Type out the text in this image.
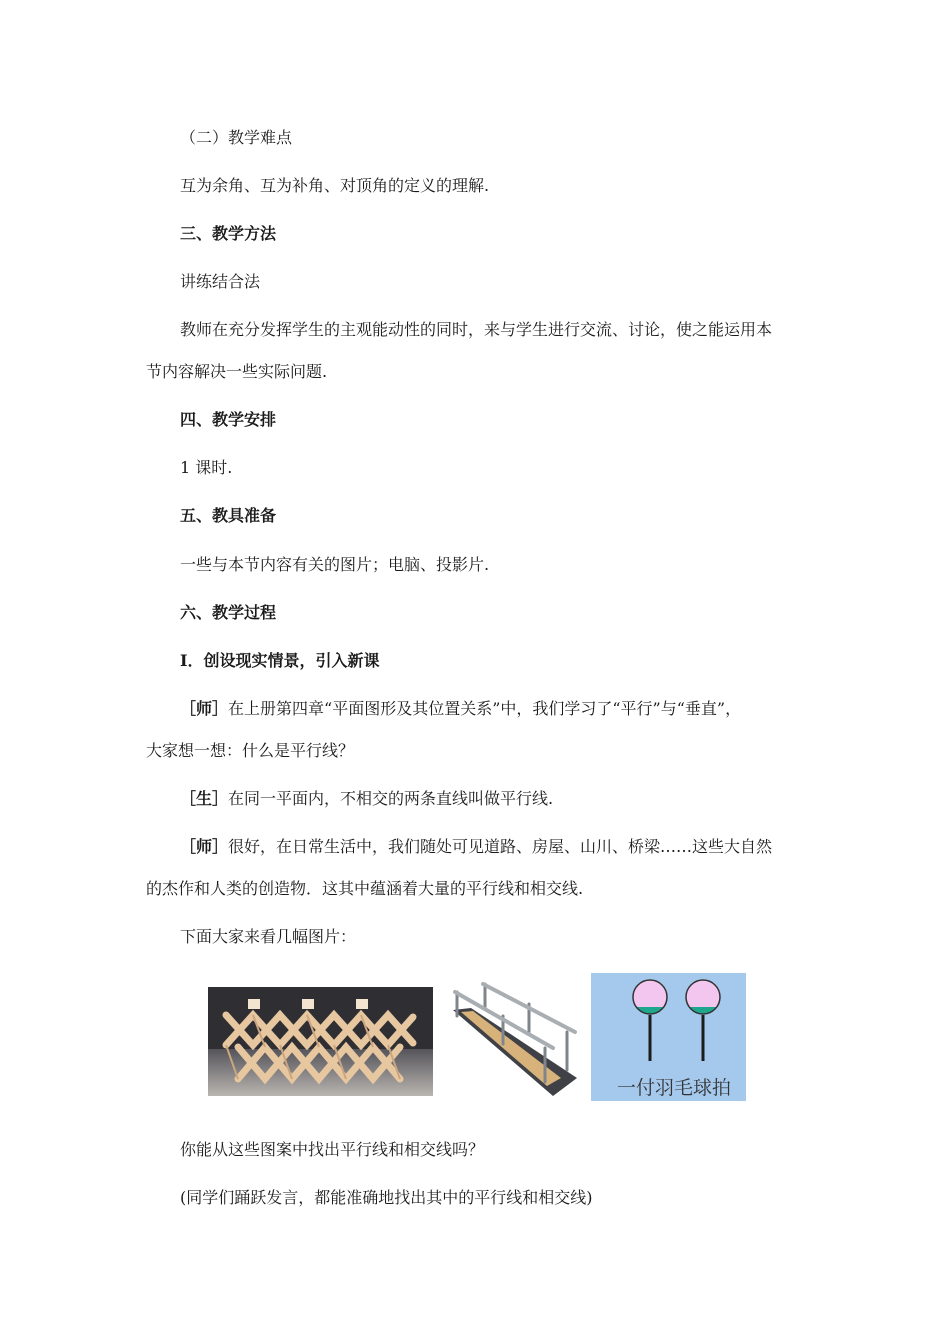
（二）教学难点
互为余角、互为补角、对顶角的定义的理解.
三、教学方法
讲练结合法
教师在充分发挥学生的主观能动性的同时，来与学生进行交流、讨论，使之能运用本
节内容解决一些实际问题.
四、教学安排
1 课时.
五、教具准备
一些与本节内容有关的图片；电脑、投影片.
六、教学过程
Ⅰ．创设现实情景，引入新课
［师］在上册第四章“平面图形及其位置关系”中，我们学习了“平行”与“垂直”，
大家想一想：什么是平行线？
［生］在同一平面内，不相交的两条直线叫做平行线.
［师］很好，在日常生活中，我们随处可见道路、房屋、山川、桥梁……这些大自然
的杰作和人类的创造物．这其中蕴涵着大量的平行线和相交线.
下面大家来看几幅图片：
一付羽毛球拍
你能从这些图案中找出平行线和相交线吗？
(同学们踊跃发言，都能准确地找出其中的平行线和相交线)
